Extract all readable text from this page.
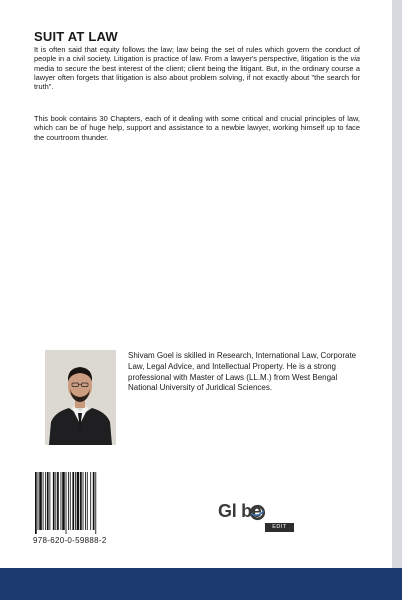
SUIT AT LAW

It is often said that equity follows the law; law being the set of rules which govern the conduct of people in a civil society. Litigation is practice of law. From a lawyer's perspective, litigation is the via media to secure the best interest of the client; client being the litigant. But, in the ordinary course a lawyer often forgets that litigation is also about problem solving, if not exactly about "the search for truth".

This book contains 30 Chapters, each of it dealing with some critical and crucial principles of law, which can be of huge help, support and assistance to a newbie lawyer, working himself up to face the courtroom thunder.

Shivam Goel is skilled in Research, International Law, Corporate Law, Legal Advice, and Intellectual Property. He is a strong professional with Master of Laws (LL.M.) from West Bengal National University of Juridical Sciences.

978-620-0-59888-2
Gl be
EDIT
